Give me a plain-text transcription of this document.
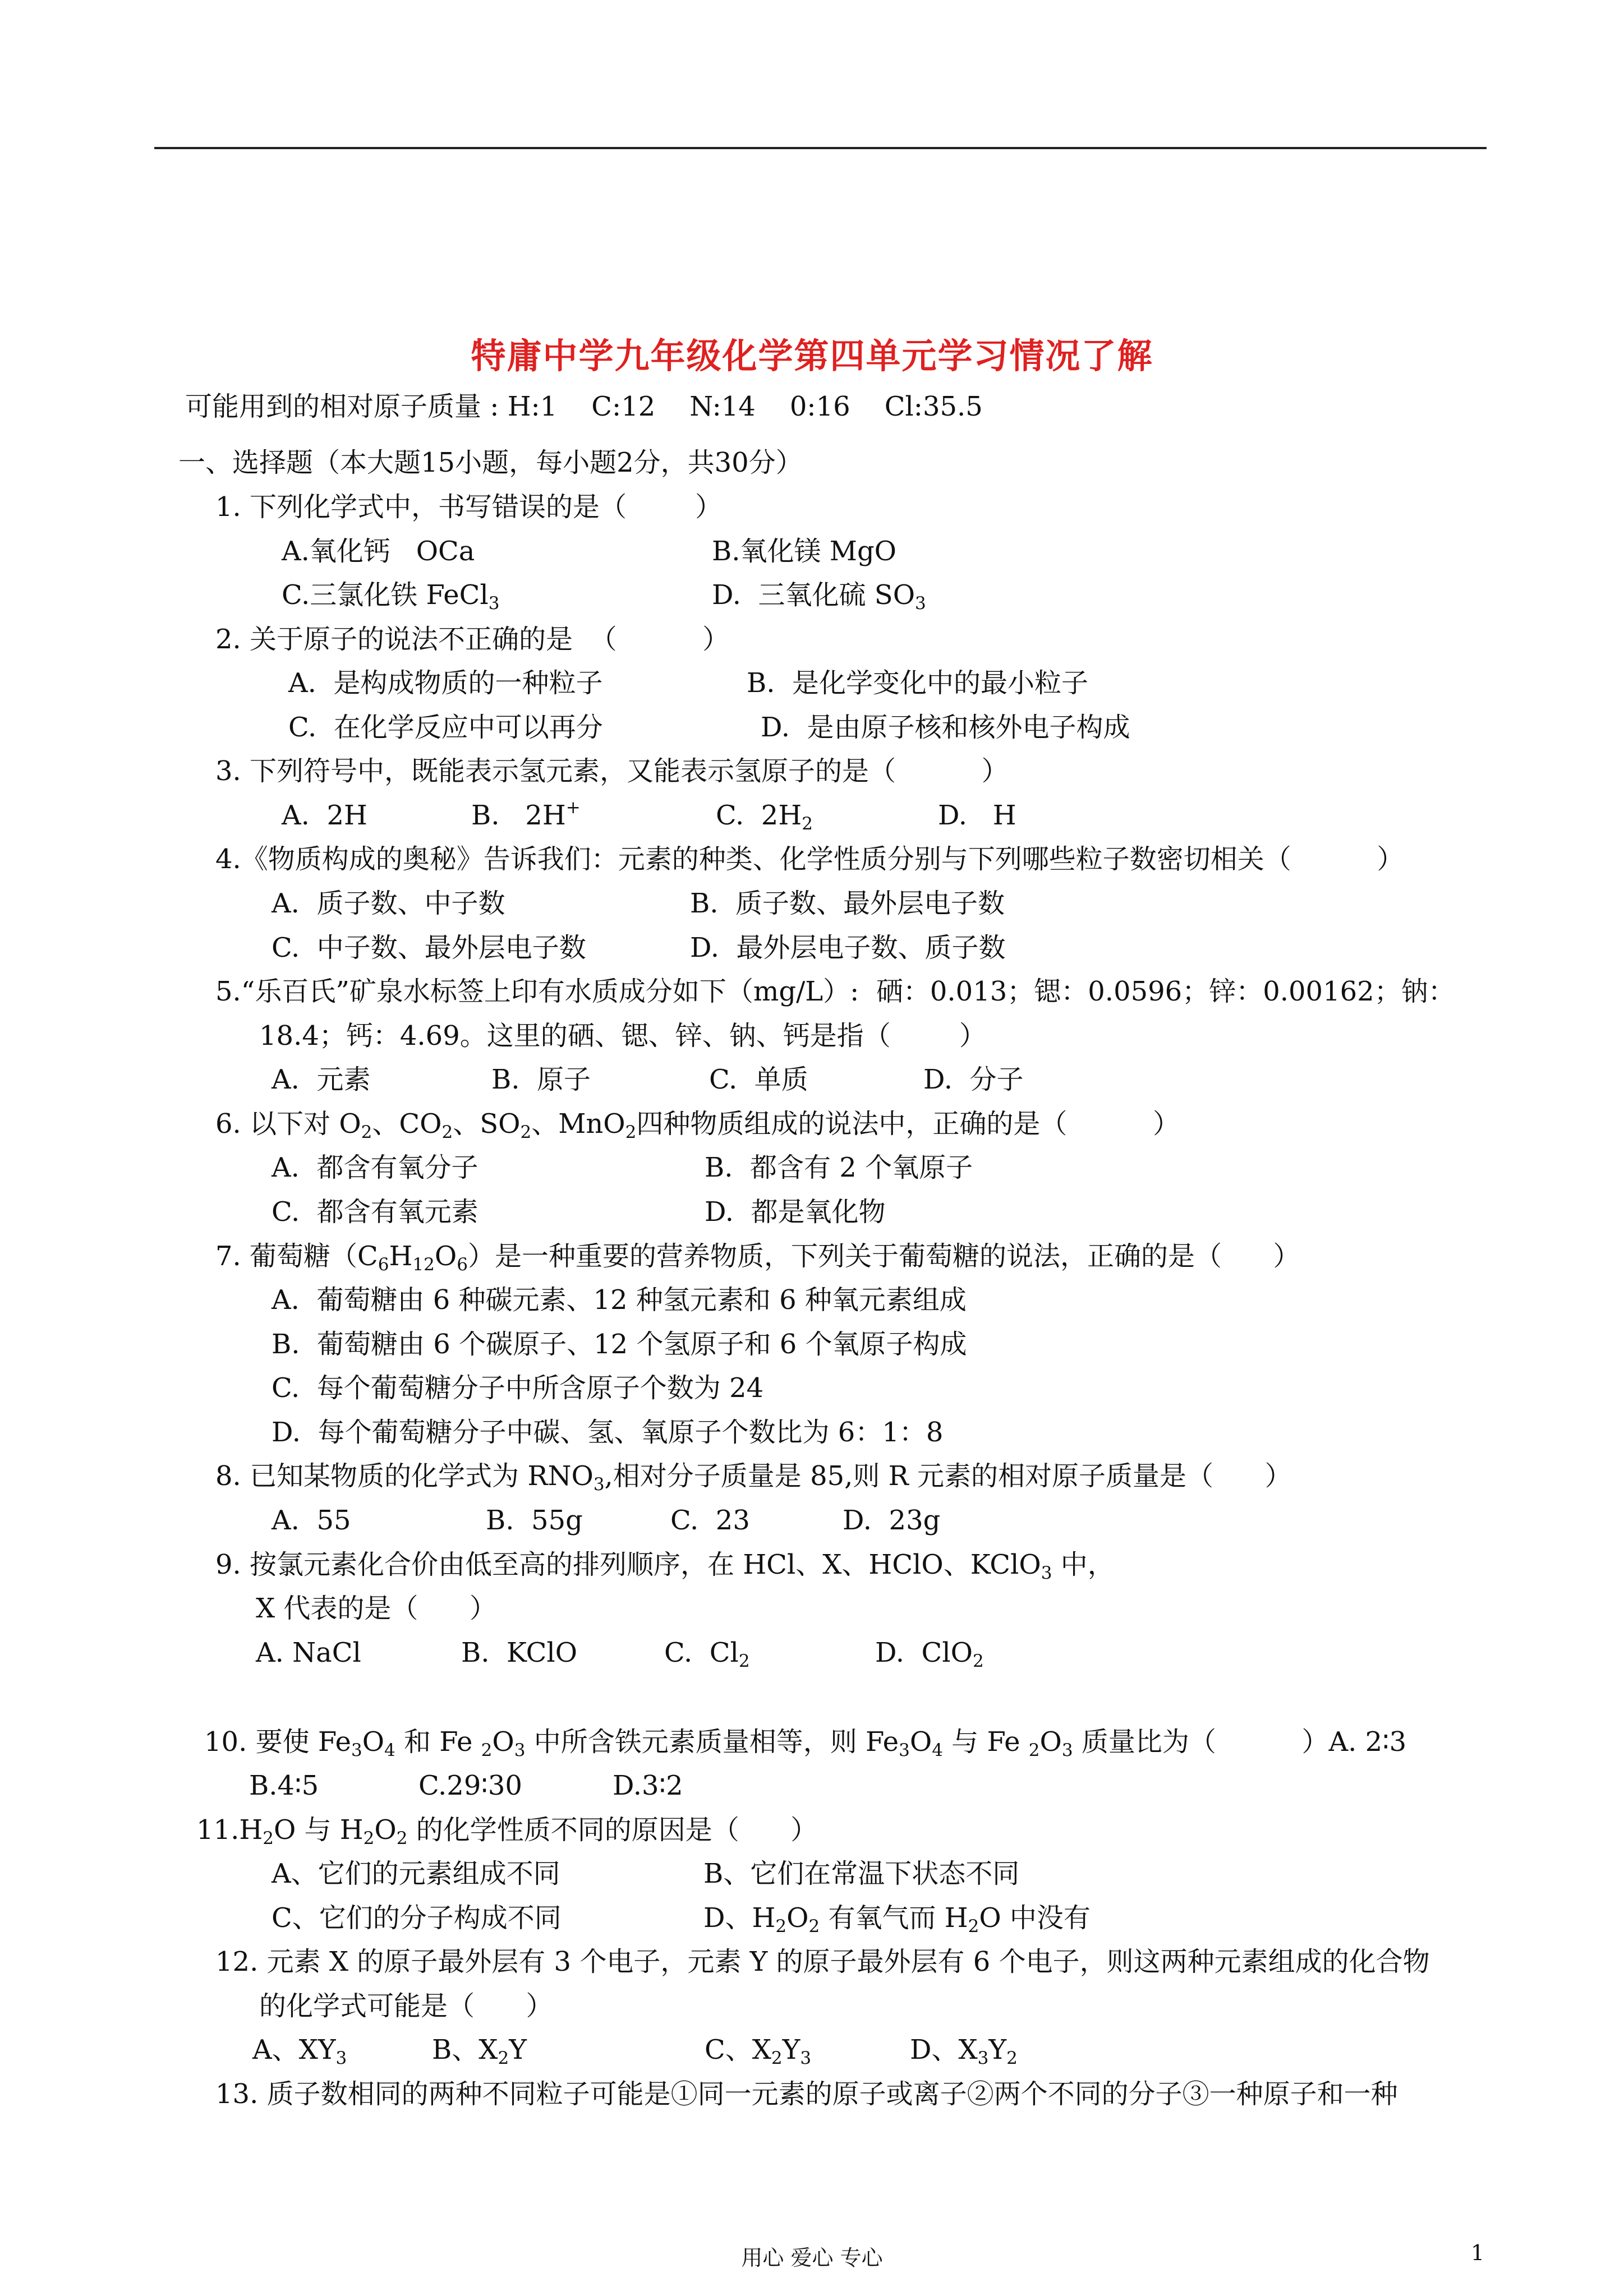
特庸中学九年级化学第四单元学习情况了解
可能用到的相对原子质量 : H:1    C:12    N:14    0:16    Cl:35.5
一、选择题（本大题15小题，每小题2分，共30分）
1. 下列化学式中，书写错误的是（        ）
A.氧化钙   OCa	B.氧化镁 MgO
C.三氯化铁 FeCl$_3$	D.  三氧化硫 $SO_3$
2. 关于原子的说法不正确的是  （          ）
A.  是构成物质的一种粒子	B.  是化学变化中的最小粒子
C.  在化学反应中可以再分	D.  是由原子核和核外电子构成
3. 下列符号中，既能表示氢元素，又能表示氢原子的是（          ）
A.  2H	B.   2H+	C.  $2H_2$	D.   H
4.《物质构成的奥秘》告诉我们：元素的种类、化学性质分别与下列哪些粒子数密切相关（          ）
A.  质子数、中子数	B.  质子数、最外层电子数
C.  中子数、最外层电子数	D.  最外层电子数、质子数
5.“乐百氏”矿泉水标签上印有水质成分如下（mg/L）:  硒：0.013；锶：0.0596；锌：0.00162；钠：
18.4；钙：4.69。这里的硒、锶、锌、钠、钙是指（        ）
A.  元素	B.  原子	C.  单质	D.  分子
6. 以下对 $O_2$、$CO_2$、$SO_2$、MnO$_2$四种物质组成的说法中，正确的是（          ）
A.  都含有氧分子	B.  都含有 2 个氧原子
C.  都含有氧元素	D.  都是氧化物
7. 葡萄糖$(C_6H_{12}O_6)$是一种重要的营养物质，下列关于葡萄糖的说法，正确的是（      ）
A.  葡萄糖由 6 种碳元素、12 种氢元素和 6 种氧元素组成
B.  葡萄糖由 6 个碳原子、12 个氢原子和 6 个氧原子构成
C.  每个葡萄糖分子中所含原子个数为 24
D.  每个葡萄糖分子中碳、氢、氧原子个数比为 6：1：8
8. 已知某物质的化学式为 $RNO_3$,相对分子质量是 85,则 R 元素的相对原子质量是（      ）
A.  55	B.  55g	C.  23	D.  23g
9. 按氯元素化合价由低至高的排列顺序，在 HCl、X、HClO、KClO$_3$ 中，
X 代表的是（      ）
A. NaCl	B.  KClO	C.  $Cl_2$	D.  ClO$_2$
10. 要使 $Fe_3O_4$ 和 Fe $_2O_3$ 中所含铁元素质量相等，则 $Fe_3O_4$ 与 Fe $_2O_3$ 质量比为（          ）A. 2∶3
B.4∶5	C.29∶30	D.3∶2
$11.H_2O$ 与 $H_2O_2$ 的化学性质不同的原因是（      ）
A、它们的元素组成不同	B、它们在常温下状态不同
C、它们的分子构成不同	D、$H_2O_2$ 有氧气而 $H_2O$ 中没有
12. 元素 X 的原子最外层有 3 个电子，元素 Y 的原子最外层有 6 个电子，则这两种元素组成的化合物
的化学式可能是（      ）
A、$XY_3$	B、$X_2Y$	C、$X_2Y_3$	D、$X_3Y_2$
13. 质子数相同的两种不同粒子可能是①同一元素的原子或离子②两个不同的分子③一种原子和一种
用心 爱心 专心	1
